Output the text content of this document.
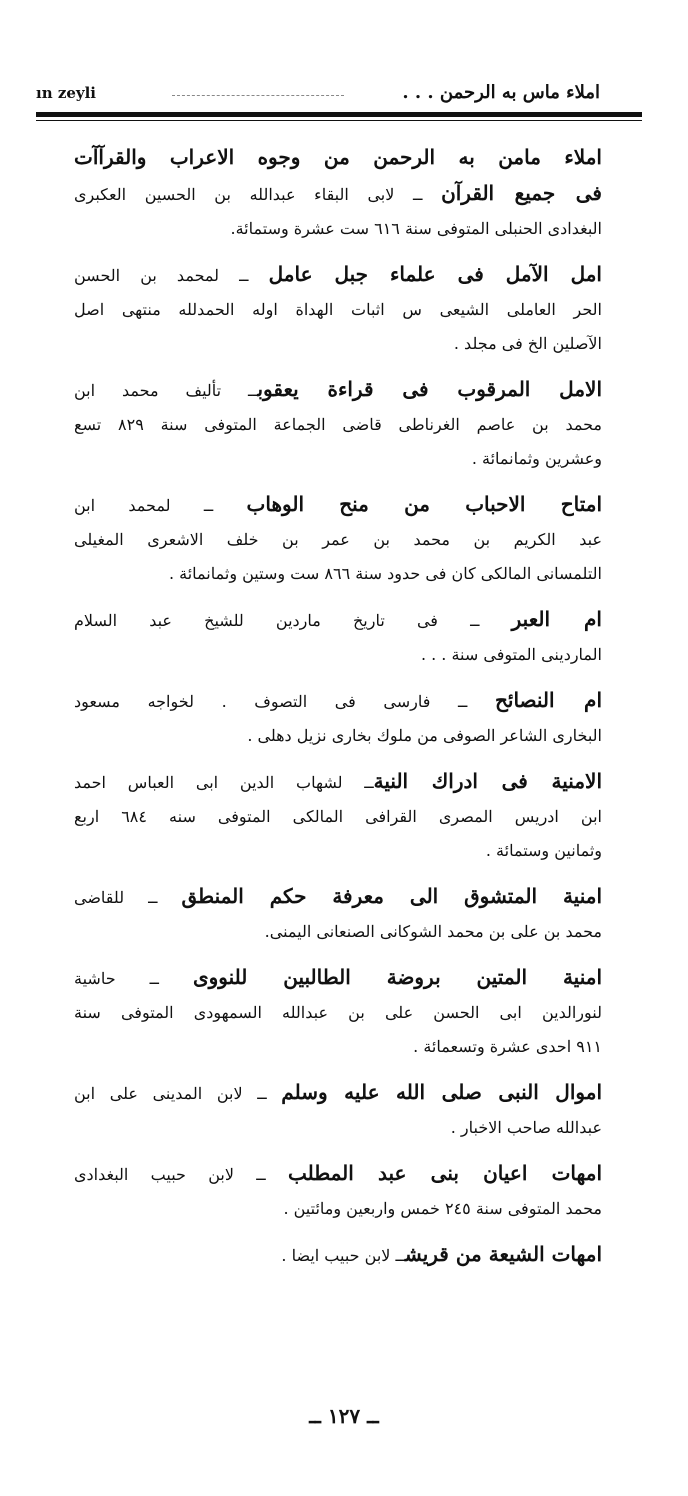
ın zeyli	املاء ماس به الرحمن . . .
املاء مامن به الرحمن من وجوه الاعراب والقرآآت
فى جميع القرآن ــ لابى البقاء عبدالله بن الحسين العكبرى
البغدادى الحنبلى المتوفى سنة ٦١٦ ست عشرة وستمائة.
امل الآمل فى علماء جبل عامل ــ لمحمد بن الحسن
الحر العاملى الشيعى س اثبات الهداة اوله الحمدلله منتهى اصل
الآصلين الخ فى مجلد .
الامل المرقوب فى قراءة يعقوبــ تأليف محمد ابن
محمد بن عاصم الغرناطى قاضى الجماعة المتوفى سنة ٨٢٩ تسع
وعشرين وثمانمائة .
امتاح الاحباب من منح الوهاب ــ لمحمد ابن
عبد الكريم بن محمد بن عمر بن خلف الاشعرى المغيلى
التلمسانى المالكى كان فى حدود سنة ٨٦٦ ست وستين وثمانمائة .
ام العبر ــ فى تاريخ ماردين للشيخ عبد السلام
الماردينى المتوفى سنة . . .
ام النصائح ــ فارسى فى التصوف . لخواجه مسعود
البخارى الشاعر الصوفى من ملوك بخارى نزيل دهلى .
الامنية فى ادراك النيةــ لشهاب الدين ابى العباس احمد
ابن ادريس المصرى القرافى المالكى المتوفى سنه ٦٨٤ اربع
وثمانين وستمائة .
امنية المتشوق الى معرفة حكم المنطق ــ للقاضى
محمد بن على بن محمد الشوكانى الصنعانى اليمنى.
امنية المتين بروضة الطالبين للنووى ــ حاشية
لنورالدين ابى الحسن على بن عبدالله السمهودى المتوفى سنة
٩١١ احدى عشرة وتسعمائة .
اموال النبى صلى الله عليه وسلم ــ لابن المدينى على ابن
عبدالله صاحب الاخبار .
امهات اعيان بنى عبد المطلب ــ لابن حبيب البغدادى
محمد المتوفى سنة ٢٤٥ خمس واربعين ومائتين .
امهات الشيعة من قريشــ لابن حبيب ايضا .
ــ ١٢٧ ــ
